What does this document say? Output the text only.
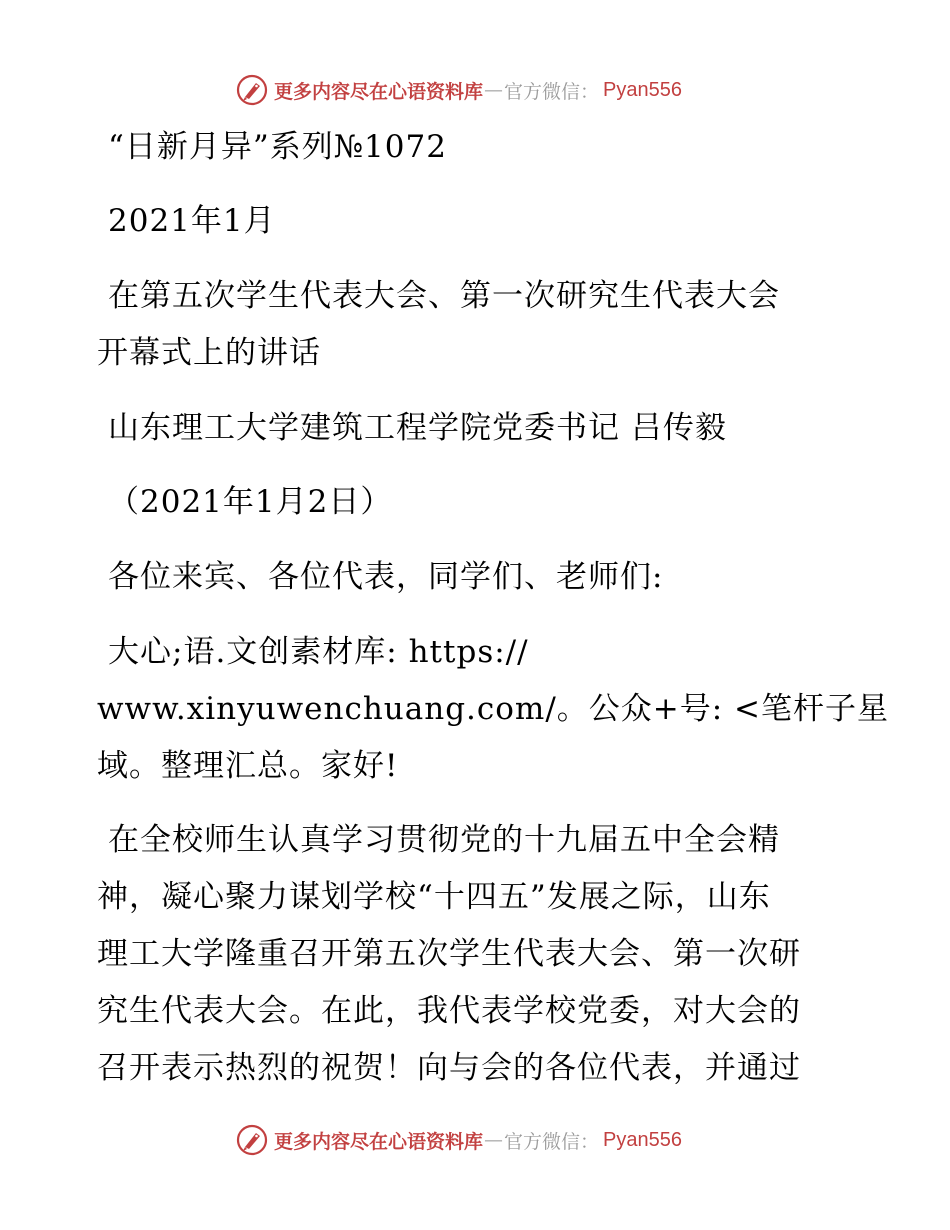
更多内容尽在心语资料库 — 官方微信： Pyan556
“日新月异”系列№1072
2021年1月
在第五次学生代表大会、第一次研究生代表大会
开幕式上的讲话
山东理工大学建筑工程学院党委书记 吕传毅
（2021年1月2日）
各位来宾、各位代表，同学们、老师们:
大心;语.文创素材库: https://
www.xinyuwenchuang.com/。公众+号: <笔杆子星
域。整理汇总。家好!
在全校师生认真学习贯彻党的十九届五中全会精
神，凝心聚力谋划学校“十四五”发展之际，山东
理工大学隆重召开第五次学生代表大会、第一次研
究生代表大会。在此，我代表学校党委，对大会的
召开表示热烈的祝贺！向与会的各位代表，并通过
更多内容尽在心语资料库 — 官方微信： Pyan556
